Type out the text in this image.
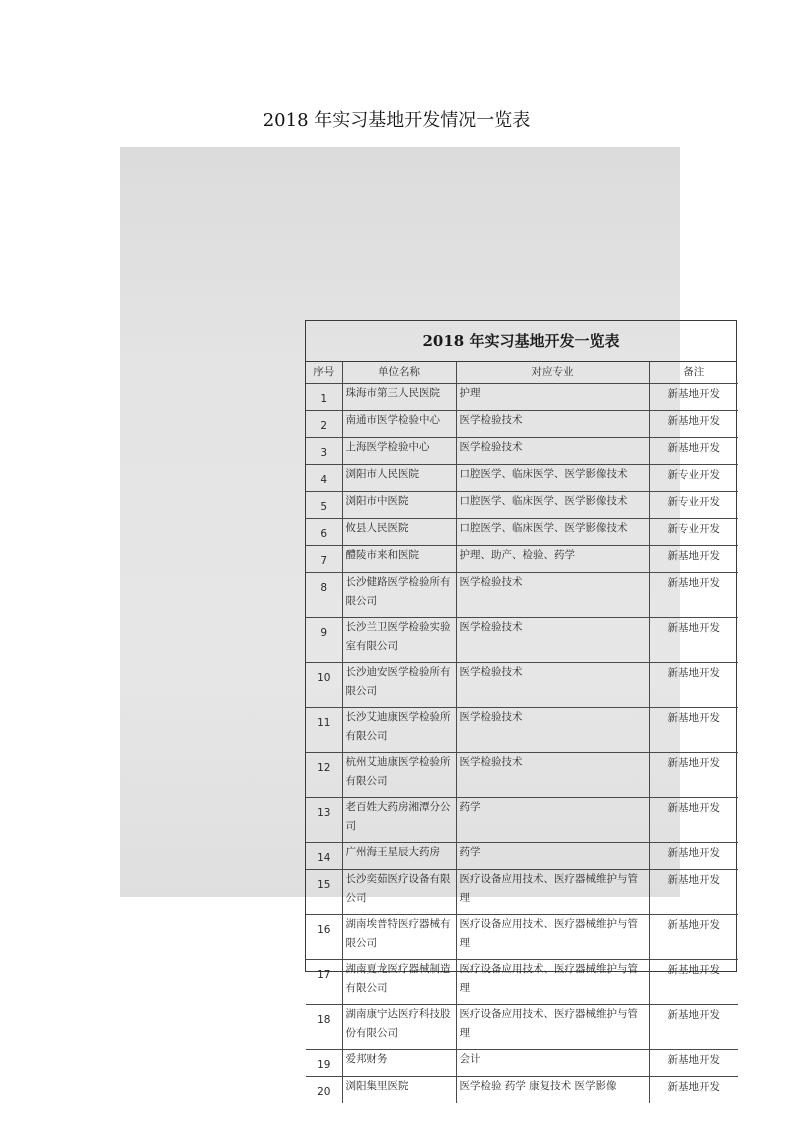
2018 年实习基地开发情况一览表
2018 年实习基地开发一览表
序号	单位名称	对应专业	备注
1	珠海市第三人民医院	护理	新基地开发
2	南通市医学检验中心	医学检验技术	新基地开发
3	上海医学检验中心	医学检验技术	新基地开发
4	浏阳市人民医院	口腔医学、临床医学、医学影像技术	新专业开发
5	浏阳市中医院	口腔医学、临床医学、医学影像技术	新专业开发
6	攸县人民医院	口腔医学、临床医学、医学影像技术	新专业开发
7	醴陵市来和医院	护理、助产、检验、药学	新基地开发
8	长沙健路医学检验所有限公司	医学检验技术	新基地开发
9	长沙兰卫医学检验实验室有限公司	医学检验技术	新基地开发
10	长沙迪安医学检验所有限公司	医学检验技术	新基地开发
11	长沙艾迪康医学检验所有限公司	医学检验技术	新基地开发
12	杭州艾迪康医学检验所有限公司	医学检验技术	新基地开发
13	老百姓大药房湘潭分公司	药学	新基地开发
14	广州海王星辰大药房	药学	新基地开发
15	长沙奕茹医疗设备有限公司	医疗设备应用技术、医疗器械维护与管理	新基地开发
16	湖南埃普特医疗器械有限公司	医疗设备应用技术、医疗器械维护与管理	新基地开发
17	湖南夏龙医疗器械制造有限公司	医疗设备应用技术、医疗器械维护与管理	新基地开发
18	湖南康宁达医疗科技股份有限公司	医疗设备应用技术、医疗器械维护与管理	新基地开发
19	爱邦财务	会计	新基地开发
20	浏阳集里医院	医学检验 药学 康复技术 医学影像	新基地开发
